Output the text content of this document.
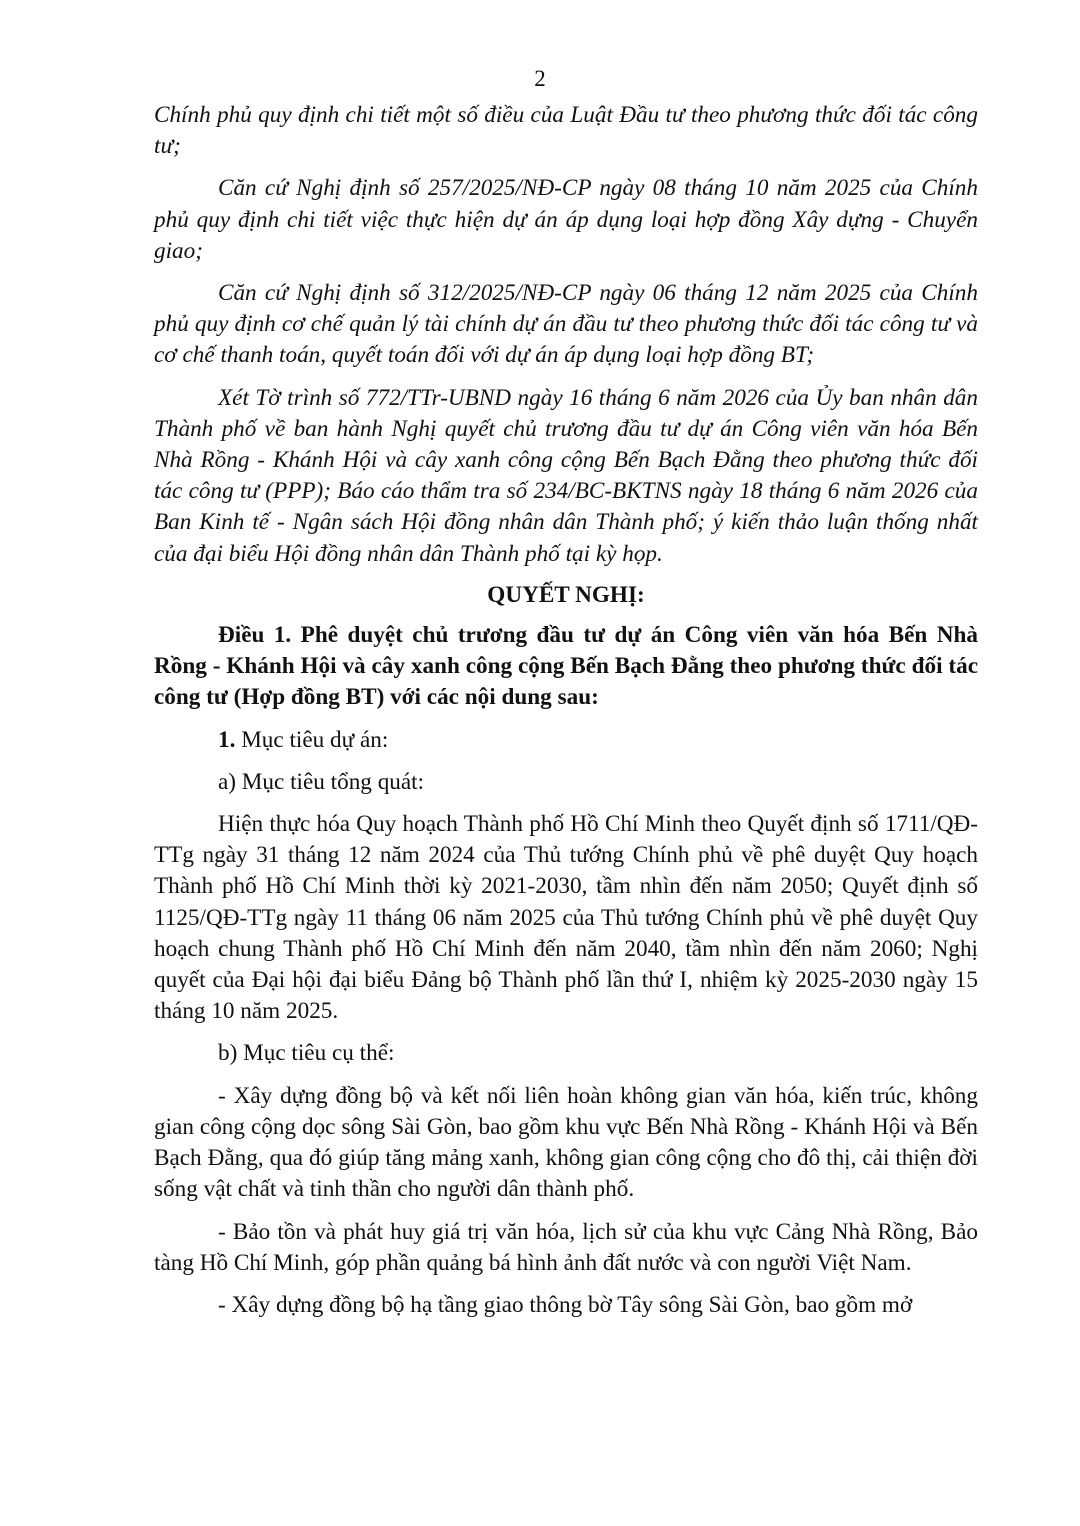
2

Chính phủ quy định chi tiết một số điều của Luật Đầu tư theo phương thức đối tác công tư;

Căn cứ Nghị định số 257/2025/NĐ-CP ngày 08 tháng 10 năm 2025 của Chính phủ quy định chi tiết việc thực hiện dự án áp dụng loại hợp đồng Xây dựng - Chuyển giao;

Căn cứ Nghị định số 312/2025/NĐ-CP ngày 06 tháng 12 năm 2025 của Chính phủ quy định cơ chế quản lý tài chính dự án đầu tư theo phương thức đối tác công tư và cơ chế thanh toán, quyết toán đối với dự án áp dụng loại hợp đồng BT;

Xét Tờ trình số 772/TTr-UBND ngày 16 tháng 6 năm 2026 của Ủy ban nhân dân Thành phố về ban hành Nghị quyết chủ trương đầu tư dự án Công viên văn hóa Bến Nhà Rồng - Khánh Hội và cây xanh công cộng Bến Bạch Đằng theo phương thức đối tác công tư (PPP); Báo cáo thẩm tra số 234/BC-BKTNS ngày 18 tháng 6 năm 2026 của Ban Kinh tế - Ngân sách Hội đồng nhân dân Thành phố; ý kiến thảo luận thống nhất của đại biểu Hội đồng nhân dân Thành phố tại kỳ họp.

QUYẾT NGHỊ:

Điều 1. Phê duyệt chủ trương đầu tư dự án Công viên văn hóa Bến Nhà Rồng - Khánh Hội và cây xanh công cộng Bến Bạch Đằng theo phương thức đối tác công tư (Hợp đồng BT) với các nội dung sau:

1. Mục tiêu dự án:

a) Mục tiêu tổng quát:

Hiện thực hóa Quy hoạch Thành phố Hồ Chí Minh theo Quyết định số 1711/QĐ-TTg ngày 31 tháng 12 năm 2024 của Thủ tướng Chính phủ về phê duyệt Quy hoạch Thành phố Hồ Chí Minh thời kỳ 2021-2030, tầm nhìn đến năm 2050; Quyết định số 1125/QĐ-TTg ngày 11 tháng 06 năm 2025 của Thủ tướng Chính phủ về phê duyệt Quy hoạch chung Thành phố Hồ Chí Minh đến năm 2040, tầm nhìn đến năm 2060; Nghị quyết của Đại hội đại biểu Đảng bộ Thành phố lần thứ I, nhiệm kỳ 2025-2030 ngày 15 tháng 10 năm 2025.

b) Mục tiêu cụ thể:

- Xây dựng đồng bộ và kết nối liên hoàn không gian văn hóa, kiến trúc, không gian công cộng dọc sông Sài Gòn, bao gồm khu vực Bến Nhà Rồng - Khánh Hội và Bến Bạch Đằng, qua đó giúp tăng mảng xanh, không gian công cộng cho đô thị, cải thiện đời sống vật chất và tinh thần cho người dân thành phố.

- Bảo tồn và phát huy giá trị văn hóa, lịch sử của khu vực Cảng Nhà Rồng, Bảo tàng Hồ Chí Minh, góp phần quảng bá hình ảnh đất nước và con người Việt Nam.

- Xây dựng đồng bộ hạ tầng giao thông bờ Tây sông Sài Gòn, bao gồm mở
